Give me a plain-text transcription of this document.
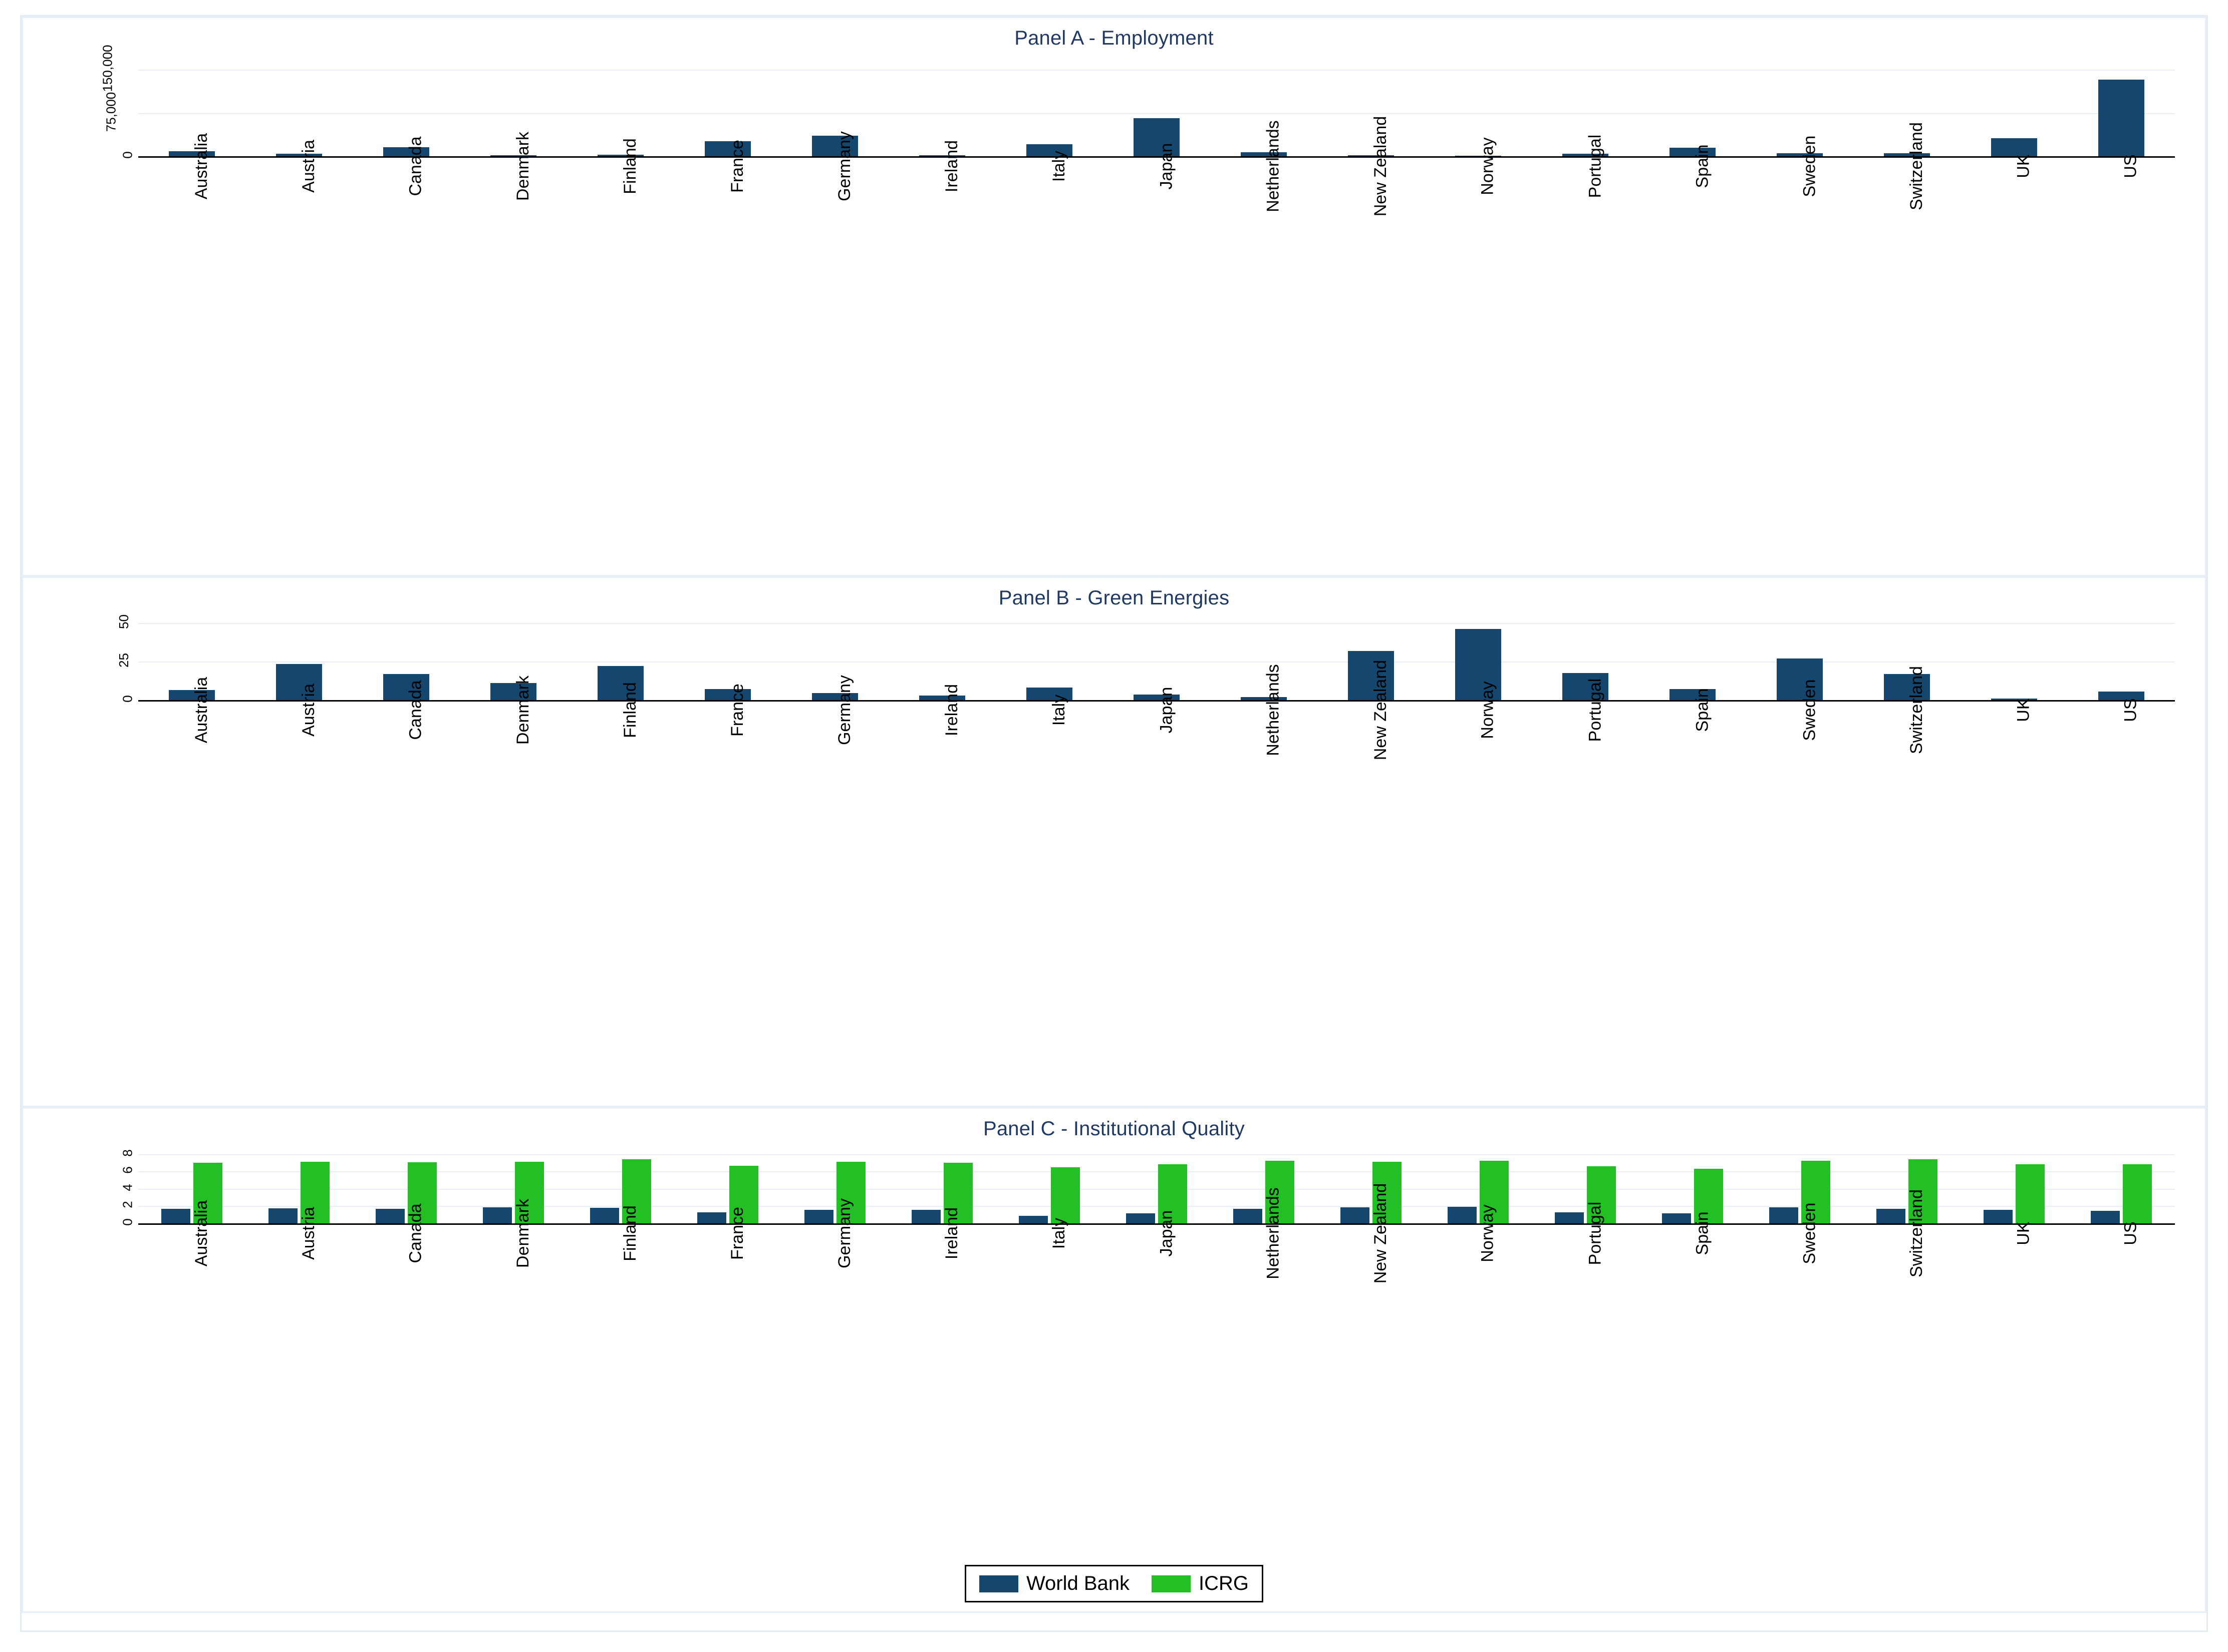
Panel A - Employment
0
75,000
150,000
Australia	Austria	Canada	Denmark	Finland	France	Germany	Ireland	Italy	Japan	Netherlands	New Zealand	Norway	Portugal	Spain	Sweden	Switzerland	UK	US
Panel B - Green Energies
0
25
50
Australia	Austria	Canada	Denmark	Finland	France	Germany	Ireland	Italy	Japan	Netherlands	New Zealand	Norway	Portugal	Spain	Sweden	Switzerland	UK	US
Panel C - Institutional Quality
0
2
4
6
8
Australia	Austria	Canada	Denmark	Finland	France	Germany	Ireland	Italy	Japan	Netherlands	New Zealand	Norway	Portugal	Spain	Sweden	Switzerland	UK	US
World Bank	ICRG
